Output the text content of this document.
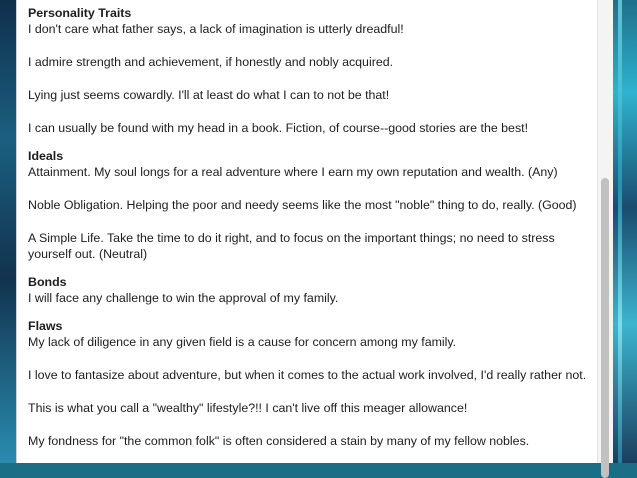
Personality Traits
I don't care what father says, a lack of imagination is utterly dreadful!
I admire strength and achievement, if honestly and nobly acquired.
Lying just seems cowardly. I'll at least do what I can to not be that!
I can usually be found with my head in a book. Fiction, of course--good stories are the best!
Ideals
Attainment. My soul longs for a real adventure where I earn my own reputation and wealth. (Any)
Noble Obligation. Helping the poor and needy seems like the most "noble" thing to do, really. (Good)
A Simple Life. Take the time to do it right, and to focus on the important things; no need to stress yourself out. (Neutral)
Bonds
I will face any challenge to win the approval of my family.
Flaws
My lack of diligence in any given field is a cause for concern among my family.
I love to fantasize about adventure, but when it comes to the actual work involved, I'd really rather not.
This is what you call a "wealthy" lifestyle?!! I can't live off this meager allowance!
My fondness for "the common folk" is often considered a stain by many of my fellow nobles.
